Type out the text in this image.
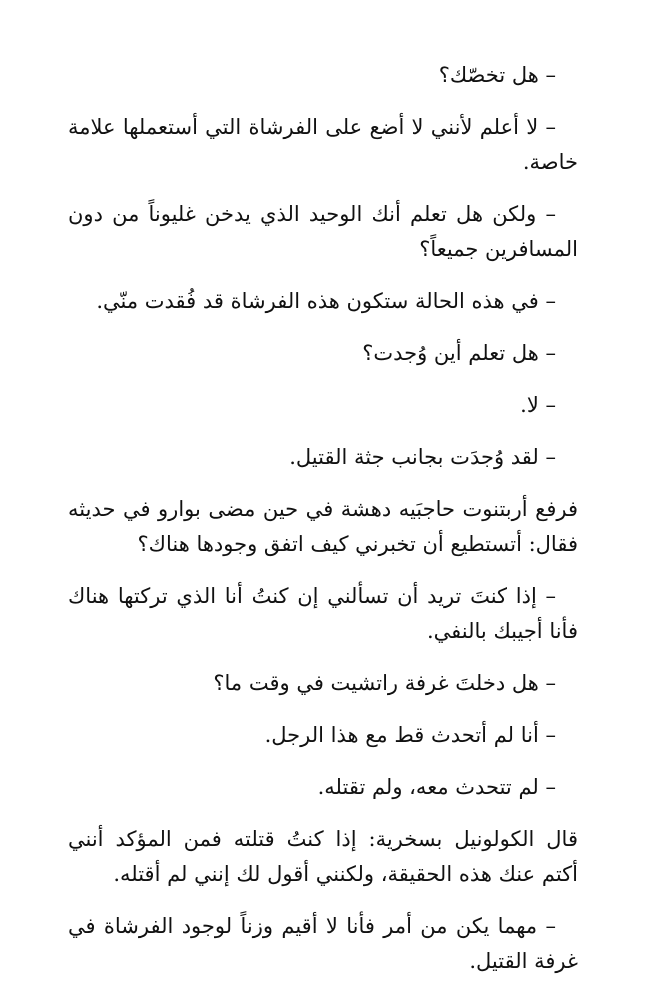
– هل تخصّك؟

– لا أعلم لأنني لا أضع على الفرشاة التي أستعملها علامة خاصة.

– ولكن هل تعلم أنك الوحيد الذي يدخن غليوناً من دون المسافرين جميعاً؟

– في هذه الحالة ستكون هذه الفرشاة قد فُقدت منّي.

– هل تعلم أين وُجدت؟

– لا.

– لقد وُجدَت بجانب جثة القتيل.

فرفع أربتنوت حاجبَيه دهشة في حين مضى بوارو في حديثه فقال: أتستطيع أن تخبرني كيف اتفق وجودها هناك؟

– إذا كنتَ تريد أن تسألني إن كنتُ أنا الذي تركتها هناك فأنا أجيبك بالنفي.

– هل دخلتَ غرفة راتشيت في وقت ما؟

– أنا لم أتحدث قط مع هذا الرجل.

– لم تتحدث معه، ولم تقتله.

قال الكولونيل بسخرية: إذا كنتُ قتلته فمن المؤكد أنني أكتم عنك هذه الحقيقة، ولكنني أقول لك إنني لم أقتله.

– مهما يكن من أمر فأنا لا أقيم وزناً لوجود الفرشاة في غرفة القتيل.
